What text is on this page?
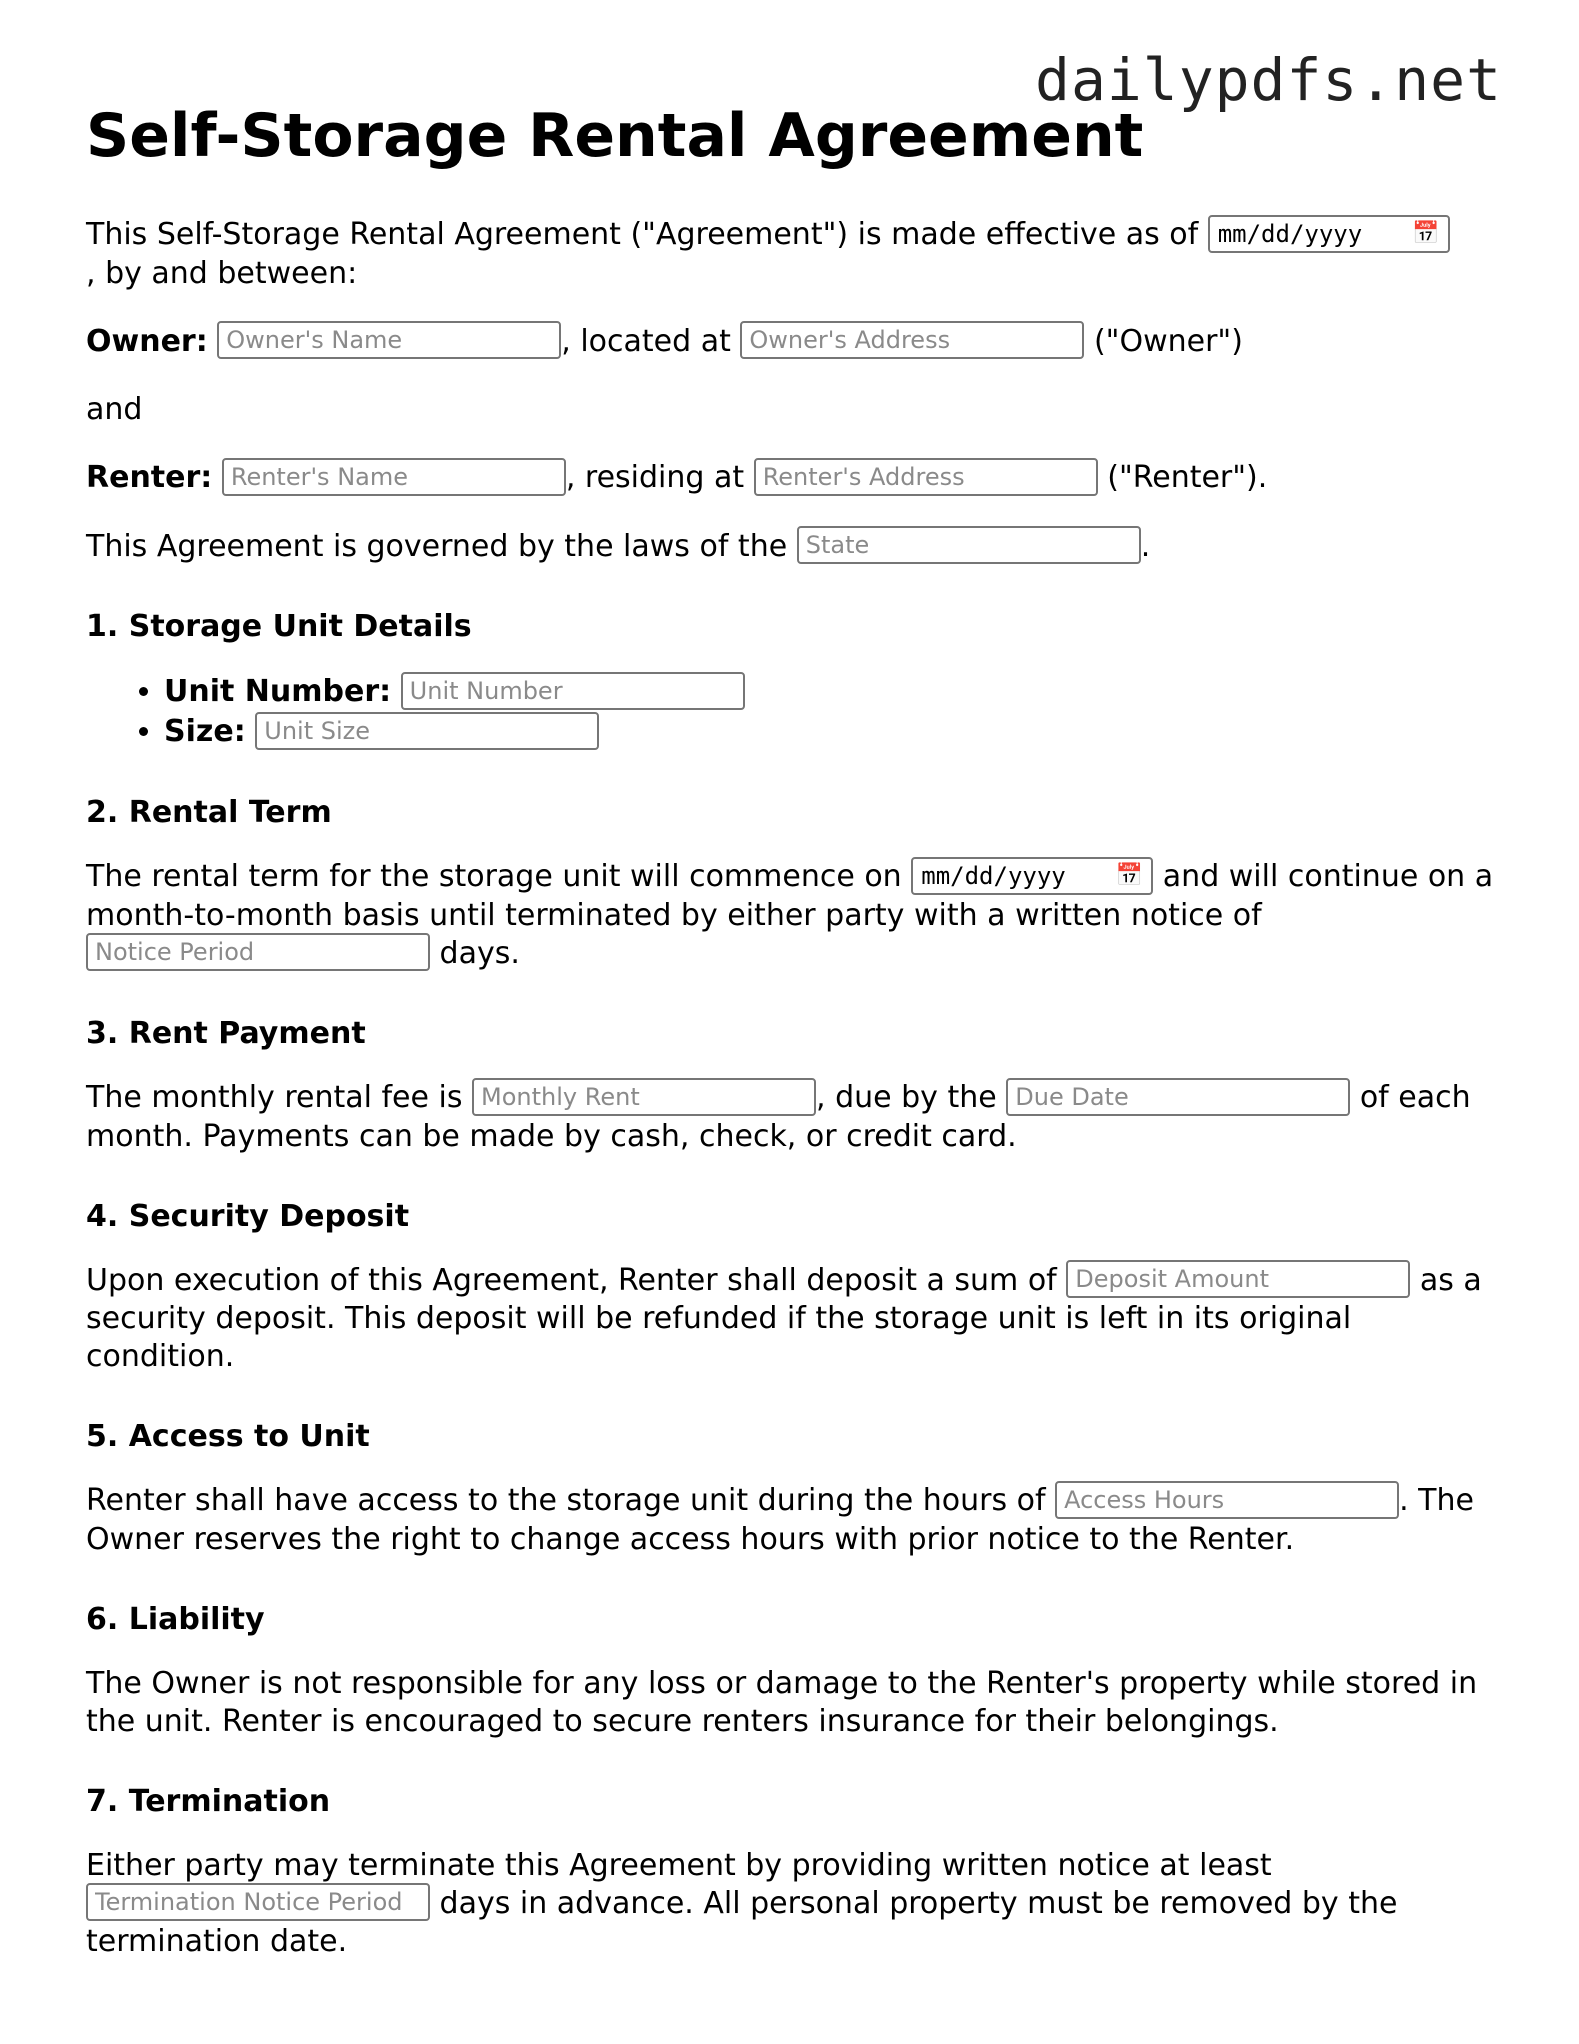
dailypdfs.net
Self-Storage Rental Agreement

This Self-Storage Rental Agreement ("Agreement") is made effective as of mm/dd/yyyy 📅

, by and between:

Owner: Owner's Name	, located at Owner's Address	("Owner")

and

Renter: Renter's Name	, residing at Renter's Address	("Renter").

This Agreement is governed by the laws of the State	.

1. Storage Unit Details
• Unit Number: Unit Number
• Size: Unit Size
2. Rental Term

The rental term for the storage unit will commence on mm/dd/yyyy 📅 and will continue on a month-to-month basis until terminated by either party with a written notice of Notice Period days.

3. Rent Payment

The monthly rental fee is Monthly Rent	, due by the Due Date	of each month. Payments can be made by cash, check, or credit card.

4. Security Deposit

Upon execution of this Agreement, Renter shall deposit a sum of Deposit Amount	as a security deposit. This deposit will be refunded if the storage unit is left in its original condition.

5. Access to Unit

Renter shall have access to the storage unit during the hours of Access Hours	. The Owner reserves the right to change access hours with prior notice to the Renter.

6. Liability

The Owner is not responsible for any loss or damage to the Renter's property while stored in the unit. Renter is encouraged to secure renters insurance for their belongings.

7. Termination

Either party may terminate this Agreement by providing written notice at least Termination Notice Period days in advance. All personal property must be removed by the termination date.
